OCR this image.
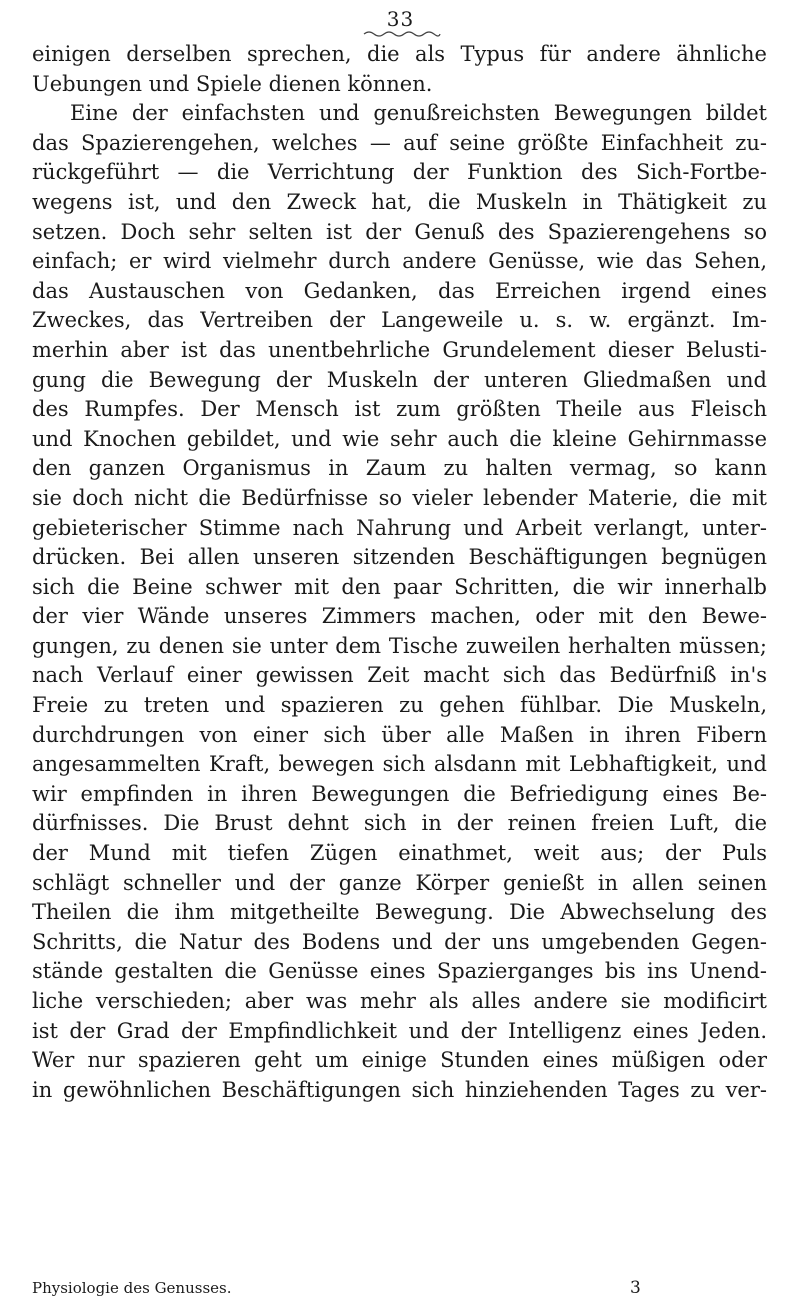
33
einigen derselben sprechen, die als Typus für andere ähnliche
Uebungen und Spiele dienen können.
Eine der einfachsten und genußreichsten Bewegungen bildet
das Spazierengehen, welches — auf seine größte Einfachheit zu-
rückgeführt — die Verrichtung der Funktion des Sich-Fortbe-
wegens ist, und den Zweck hat, die Muskeln in Thätigkeit zu
setzen. Doch sehr selten ist der Genuß des Spazierengehens so
einfach; er wird vielmehr durch andere Genüsse, wie das Sehen,
das Austauschen von Gedanken, das Erreichen irgend eines
Zweckes, das Vertreiben der Langeweile u. s. w. ergänzt. Im-
merhin aber ist das unentbehrliche Grundelement dieser Belusti-
gung die Bewegung der Muskeln der unteren Gliedmaßen und
des Rumpfes. Der Mensch ist zum größten Theile aus Fleisch
und Knochen gebildet, und wie sehr auch die kleine Gehirnmasse
den ganzen Organismus in Zaum zu halten vermag, so kann
sie doch nicht die Bedürfnisse so vieler lebender Materie, die mit
gebieterischer Stimme nach Nahrung und Arbeit verlangt, unter-
drücken. Bei allen unseren sitzenden Beschäftigungen begnügen
sich die Beine schwer mit den paar Schritten, die wir innerhalb
der vier Wände unseres Zimmers machen, oder mit den Bewe-
gungen, zu denen sie unter dem Tische zuweilen herhalten müssen;
nach Verlauf einer gewissen Zeit macht sich das Bedürfniß in's
Freie zu treten und spazieren zu gehen fühlbar. Die Muskeln,
durchdrungen von einer sich über alle Maßen in ihren Fibern
angesammelten Kraft, bewegen sich alsdann mit Lebhaftigkeit, und
wir empfinden in ihren Bewegungen die Befriedigung eines Be-
dürfnisses. Die Brust dehnt sich in der reinen freien Luft, die
der Mund mit tiefen Zügen einathmet, weit aus; der Puls
schlägt schneller und der ganze Körper genießt in allen seinen
Theilen die ihm mitgetheilte Bewegung. Die Abwechselung des
Schritts, die Natur des Bodens und der uns umgebenden Gegen-
stände gestalten die Genüsse eines Spazierganges bis ins Unend-
liche verschieden; aber was mehr als alles andere sie modificirt
ist der Grad der Empfindlichkeit und der Intelligenz eines Jeden.
Wer nur spazieren geht um einige Stunden eines müßigen oder
in gewöhnlichen Beschäftigungen sich hinziehenden Tages zu ver-
Physiologie des Genusses.	3
